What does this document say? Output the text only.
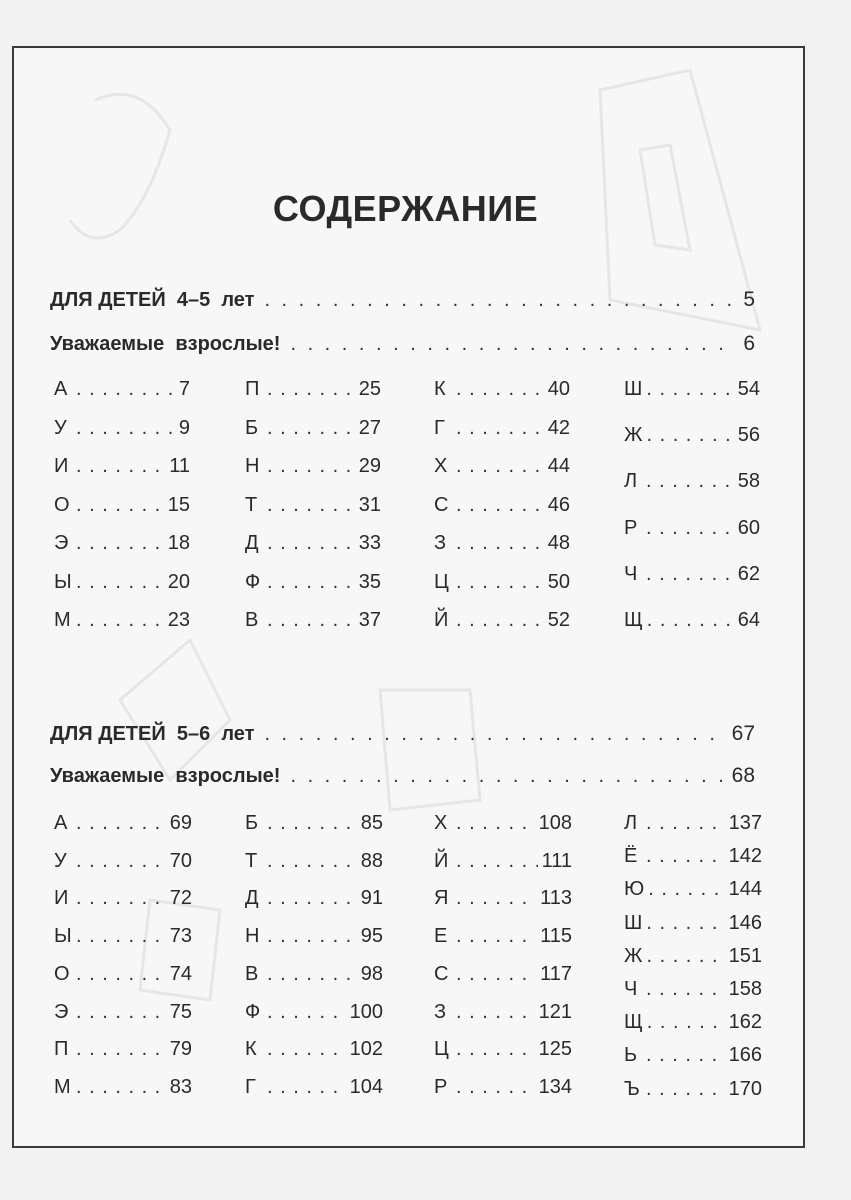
СОДЕРЖАНИЕ
ДЛЯ ДЕТЕЙ  4–5  лет . . .	5
Уважаемые  взрослые! . . .	6
А . . .	7
У . . .	9
И . . .	11
О . . .	15
Э . . .	18
Ы . . .	20
М . . .	23
П . . .	25
Б . . .	27
Н . . .	29
Т . . .	31
Д . . .	33
Ф . . .	35
В . . .	37
К . . .	40
Г . . .	42
Х . . .	44
С . . .	46
З . . .	48
Ц . . .	50
Й . . .	52
Ш . . .	54
Ж . . .	56
Л . . .	58
Р . . .	60
Ч . . .	62
Щ . . .	64
ДЛЯ ДЕТЕЙ  5–6  лет . . .	67
Уважаемые  взрослые! . . .	68
А . . .	69
У . . .	70
И . . .	72
Ы . . .	73
О . . .	74
Э . . .	75
П . . .	79
М . . .	83
Б . . .	85
Т . . .	88
Д . . .	91
Н . . .	95
В . . .	98
Ф . . .	100
К . . .	102
Г . . .	104
Х . . .	108
Й . . .	111
Я . . .	113
Е . . .	115
С . . .	117
З . . .	121
Ц . . .	125
Р . . .	134
Л . . .	137
Ё . . .	142
Ю . . .	144
Ш . . .	146
Ж . . .	151
Ч . . .	158
Щ . . .	162
Ь . . .	166
Ъ . . .	170
